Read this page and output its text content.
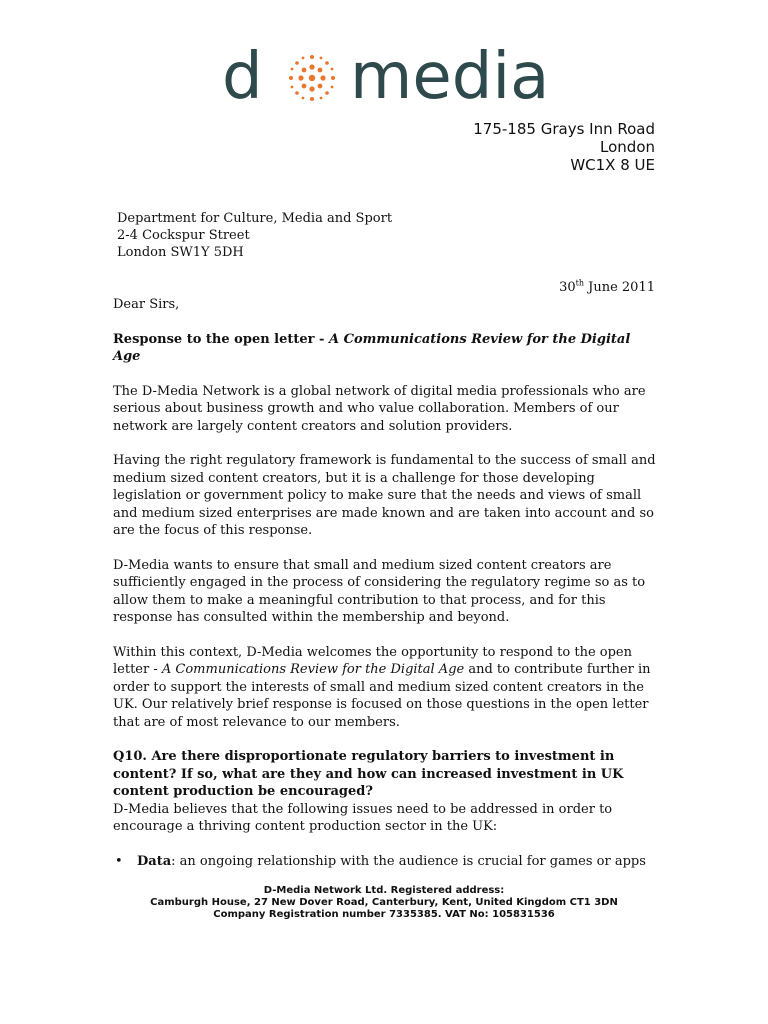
d media
175-185 Grays Inn Road
London
WC1X 8 UE
Department for Culture, Media and Sport
2-4 Cockspur Street
London SW1Y 5DH
30th June 2011

Dear Sirs,

Response to the open letter - A Communications Review for the Digital Age

The D-Media Network is a global network of digital media professionals who are serious about business growth and who value collaboration. Members of our network are largely content creators and solution providers.

Having the right regulatory framework is fundamental to the success of small and medium sized content creators, but it is a challenge for those developing legislation or government policy to make sure that the needs and views of small and medium sized enterprises are made known and are taken into account and so are the focus of this response.

D-Media wants to ensure that small and medium sized content creators are sufficiently engaged in the process of considering the regulatory regime so as to allow them to make a meaningful contribution to that process, and for this response has consulted within the membership and beyond.

Within this context, D-Media welcomes the opportunity to respond to the open letter - A Communications Review for the Digital Age and to contribute further in order to support the interests of small and medium sized content creators in the UK. Our relatively brief response is focused on those questions in the open letter that are of most relevance to our members.

Q10. Are there disproportionate regulatory barriers to investment in content? If so, what are they and how can increased investment in UK content production be encouraged?

D-Media believes that the following issues need to be addressed in order to encourage a thriving content production sector in the UK:

• Data: an ongoing relationship with the audience is crucial for games or apps
D-Media Network Ltd. Registered address:
Camburgh House, 27 New Dover Road, Canterbury, Kent, United Kingdom CT1 3DN
Company Registration number 7335385. VAT No: 105831536
